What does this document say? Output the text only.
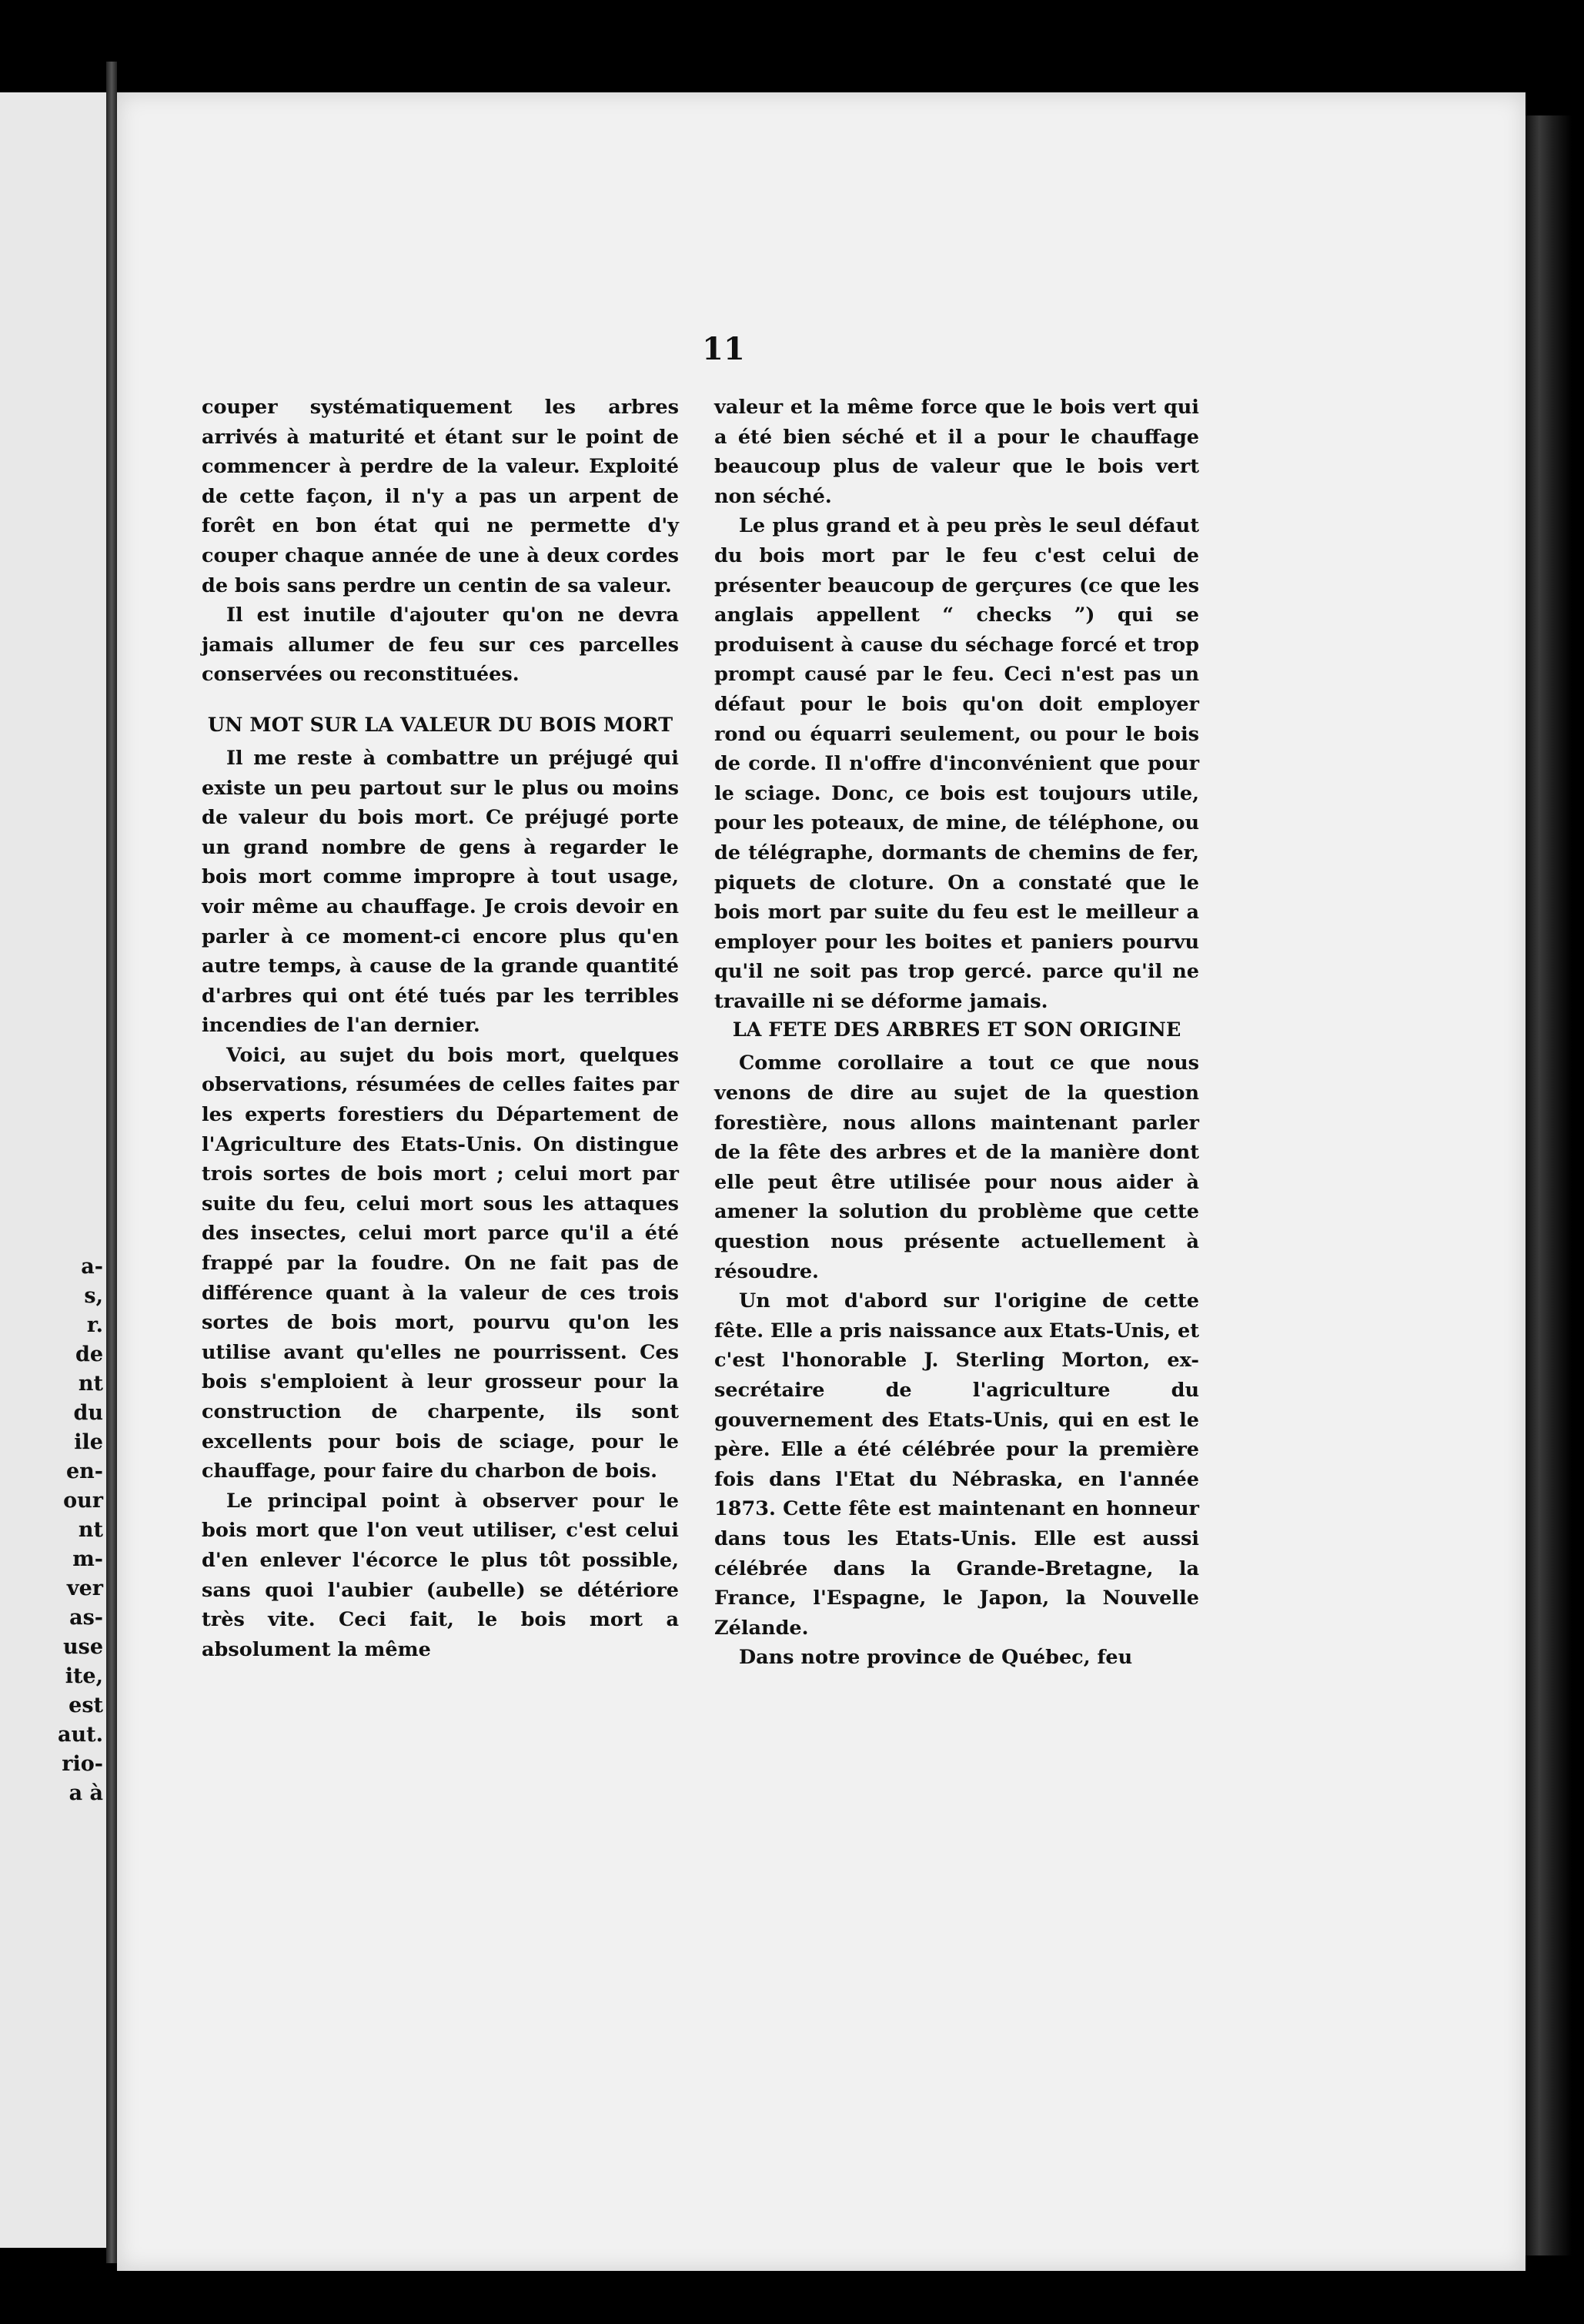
a-
s,
r.
de
nt
du
ile
en-
our
nt
m-
ver
as-
use
ite,
est
aut.
rio-
a à
11

couper systématiquement les arbres arrivés à maturité et étant sur le point de commencer à perdre de la valeur. Exploité de cette façon, il n'y a pas un arpent de forêt en bon état qui ne permette d'y couper chaque année de une à deux cordes de bois sans perdre un centin de sa valeur.

Il est inutile d'ajouter qu'on ne devra jamais allumer de feu sur ces parcelles conservées ou reconstituées.

UN MOT SUR LA VALEUR DU BOIS MORT

Il me reste à combattre un préjugé qui existe un peu partout sur le plus ou moins de valeur du bois mort. Ce préjugé porte un grand nombre de gens à regarder le bois mort comme impropre à tout usage, voir même au chauffage. Je crois devoir en parler à ce moment-ci encore plus qu'en autre temps, à cause de la grande quantité d'arbres qui ont été tués par les terribles incendies de l'an dernier.

Voici, au sujet du bois mort, quelques observations, résumées de celles faites par les experts forestiers du Département de l'Agriculture des Etats-Unis. On distingue trois sortes de bois mort ; celui mort par suite du feu, celui mort sous les attaques des insectes, celui mort parce qu'il a été frappé par la foudre. On ne fait pas de différence quant à la valeur de ces trois sortes de bois mort, pourvu qu'on les utilise avant qu'elles ne pourrissent. Ces bois s'emploient à leur grosseur pour la construction de charpente, ils sont excellents pour bois de sciage, pour le chauffage, pour faire du charbon de bois.

Le principal point à observer pour le bois mort que l'on veut utiliser, c'est celui d'en enlever l'écorce le plus tôt possible, sans quoi l'aubier (aubelle) se détériore très vite. Ceci fait, le bois mort a absolument la même

valeur et la même force que le bois vert qui a été bien séché et il a pour le chauffage beaucoup plus de valeur que le bois vert non séché.

Le plus grand et à peu près le seul défaut du bois mort par le feu c'est celui de présenter beaucoup de gerçures (ce que les anglais appellent “ checks ”) qui se produisent à cause du séchage forcé et trop prompt causé par le feu. Ceci n'est pas un défaut pour le bois qu'on doit employer rond ou équarri seulement, ou pour le bois de corde. Il n'offre d'inconvénient que pour le sciage. Donc, ce bois est toujours utile, pour les poteaux, de mine, de téléphone, ou de télégraphe, dormants de chemins de fer, piquets de cloture. On a constaté que le bois mort par suite du feu est le meilleur a employer pour les boites et paniers pourvu qu'il ne soit pas trop gercé. parce qu'il ne travaille ni se déforme jamais.

LA FETE DES ARBRES ET SON ORIGINE

Comme corollaire a tout ce que nous venons de dire au sujet de la question forestière, nous allons maintenant parler de la fête des arbres et de la manière dont elle peut être utilisée pour nous aider à amener la solution du problème que cette question nous présente actuellement à résoudre.

Un mot d'abord sur l'origine de cette fête. Elle a pris naissance aux Etats-Unis, et c'est l'honorable J. Sterling Morton, ex-secrétaire de l'agriculture du gouvernement des Etats-Unis, qui en est le père. Elle a été célébrée pour la première fois dans l'Etat du Nébraska, en l'année 1873. Cette fête est maintenant en honneur dans tous les Etats-Unis. Elle est aussi célébrée dans la Grande-Bretagne, la France, l'Espagne, le Japon, la Nouvelle Zélande.

Dans notre province de Québec, feu
